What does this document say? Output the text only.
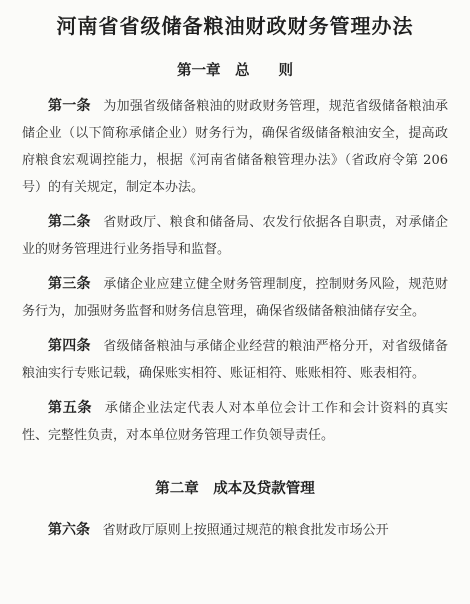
河南省省级储备粮油财政财务管理办法
第一章　总　　则

第一条 为加强省级储备粮油的财政财务管理，规范省级储备粮油承储企业（以下简称承储企业）财务行为，确保省级储备粮油安全，提高政府粮食宏观调控能力，根据《河南省储备粮管理办法》（省政府令第 206 号）的有关规定，制定本办法。

第二条 省财政厅、粮食和储备局、农发行依据各自职责，对承储企业的财务管理进行业务指导和监督。

第三条 承储企业应建立健全财务管理制度，控制财务风险，规范财务行为，加强财务监督和财务信息管理，确保省级储备粮油储存安全。

第四条 省级储备粮油与承储企业经营的粮油严格分开，对省级储备粮油实行专账记载，确保账实相符、账证相符、账账相符、账表相符。

第五条 承储企业法定代表人对本单位会计工作和会计资料的真实性、完整性负责，对本单位财务管理工作负领导责任。

第二章　成本及贷款管理

第六条 省财政厅原则上按照通过规范的粮食批发市场公开
